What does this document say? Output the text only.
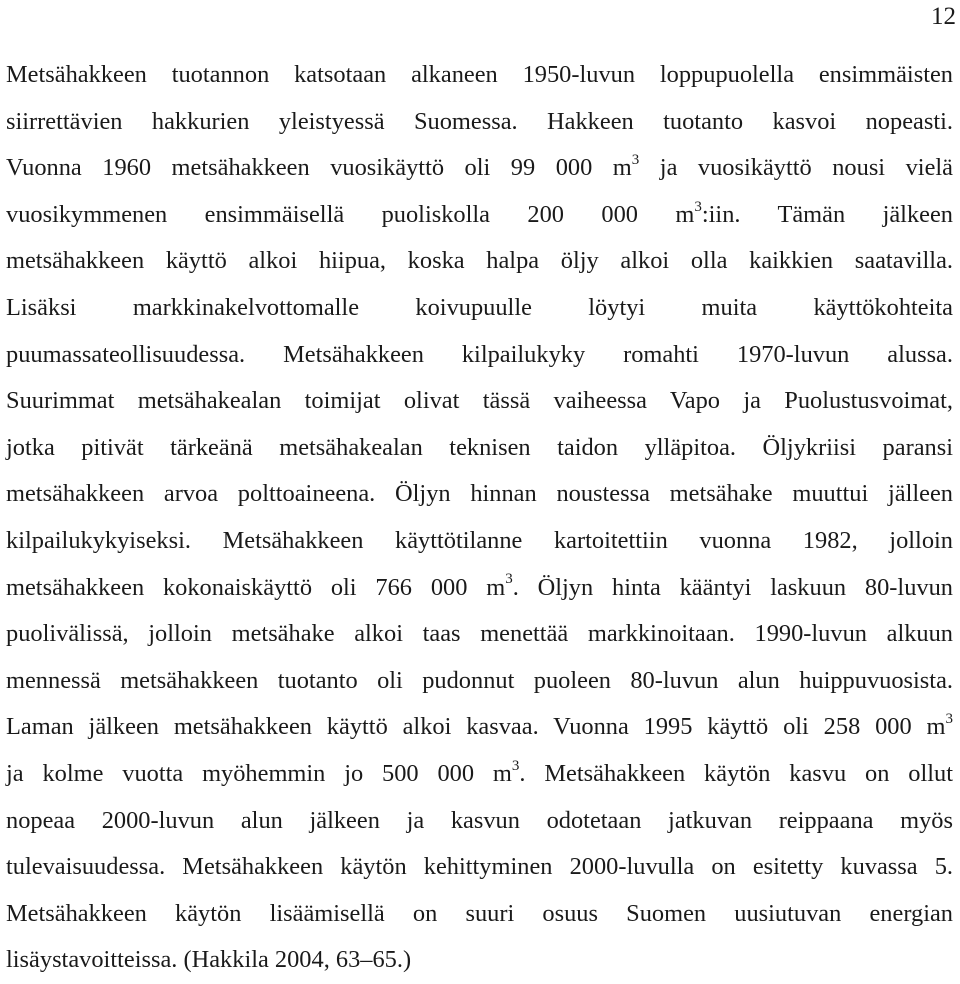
12
Metsähakkeen tuotannon katsotaan alkaneen 1950-luvun loppupuolella ensimmäisten
siirrettävien hakkurien yleistyessä Suomessa. Hakkeen tuotanto kasvoi nopeasti.
Vuonna 1960 metsähakkeen vuosikäyttö oli 99 000 $m^3$ ja vuosikäyttö nousi vielä
vuosikymmenen ensimmäisellä puoliskolla 200 000 $m^3:iin$. Tämän jälkeen
metsähakkeen käyttö alkoi hiipua, koska halpa öljy alkoi olla kaikkien saatavilla.
Lisäksi markkinakelvottomalle koivupuulle löytyi muita käyttökohteita
puumassateollisuudessa. Metsähakkeen kilpailukyky romahti 1970-luvun alussa.
Suurimmat metsähakealan toimijat olivat tässä vaiheessa Vapo ja Puolustusvoimat,
jotka pitivät tärkeänä metsähakealan teknisen taidon ylläpitoa. Öljykriisi paransi
metsähakkeen arvoa polttoaineena. Öljyn hinnan noustessa metsähake muuttui jälleen
kilpailukykyiseksi. Metsähakkeen käyttötilanne kartoitettiin vuonna 1982, jolloin
metsähakkeen kokonaiskäyttö oli 766 000 $m^3$. Öljyn hinta kääntyi laskuun 80-luvun
puolivälissä, jolloin metsähake alkoi taas menettää markkinoitaan. 1990-luvun alkuun
mennessä metsähakkeen tuotanto oli pudonnut puoleen 80-luvun alun huippuvuosista.
Laman jälkeen metsähakkeen käyttö alkoi kasvaa. Vuonna 1995 käyttö oli 258 000 $m^3$
ja kolme vuotta myöhemmin jo 500 000 $m^3$. Metsähakkeen käytön kasvu on ollut
nopeaa 2000-luvun alun jälkeen ja kasvun odotetaan jatkuvan reippaana myös
tulevaisuudessa. Metsähakkeen käytön kehittyminen 2000-luvulla on esitetty kuvassa 5.
Metsähakkeen käytön lisäämisellä on suuri osuus Suomen uusiutuvan energian
lisäystavoitteissa. (Hakkila 2004, 63–65.)
